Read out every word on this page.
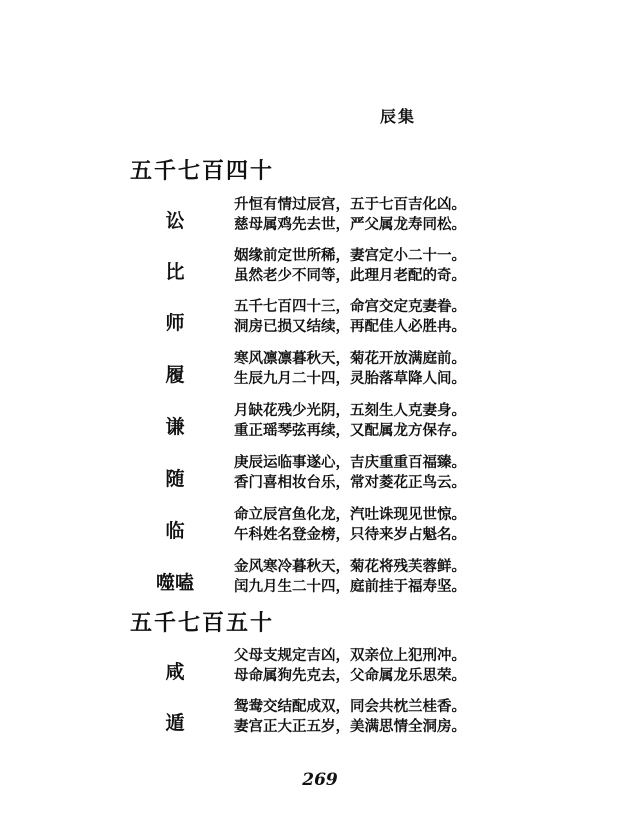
辰集
五千七百四十
讼
升恒有情过辰宫，五于七百吉化凶。
慈母属鸡先去世，严父属龙寿同松。
比
姻缘前定世所稀，妻宫定小二十一。
虽然老少不同等，此理月老配的奇。
师
五千七百四十三，命宫交定克妻眷。
洞房已损又结续，再配佳人必胜冉。
履
寒风凛凛暮秋天，菊花开放满庭前。
生辰九月二十四，灵胎落草降人间。
谦
月缺花残少光阴，五刻生人克妻身。
重正瑶琴弦再续，又配属龙方保存。
随
庚辰运临事遂心，吉庆重重百福臻。
香门喜相妆台乐，常对菱花正鸟云。
临
命立辰宫鱼化龙，汽吐诛现见世惊。
午科姓名登金榜，只待来岁占魁名。
噬嗑
金风寒冷暮秋天，菊花将残芙蓉鲜。
闰九月生二十四，庭前挂于福寿坚。
五千七百五十
咸
父母支规定吉凶，双亲位上犯刑冲。
母命属狗先克去，父命属龙乐思荣。
遁
鸳鸯交结配成双，同会共枕兰桂香。
妻宫正大正五岁，美满思情全洞房。
269
